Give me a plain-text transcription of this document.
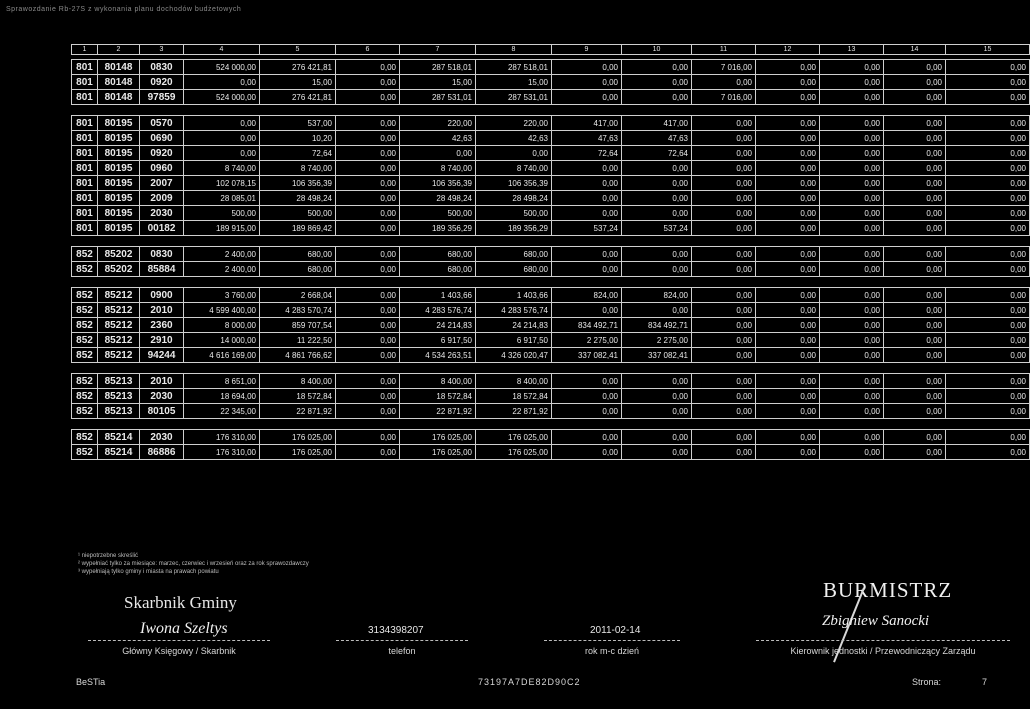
Sprawozdanie Rb-27S z wykonania planu dochodów budżetowych
1	2	3	4	5	6	7	8	9	10	11	12	13	14	15

801	80148	0830	524 000,00	276 421,81	0,00	287 518,01	287 518,01	0,00	0,00	7 016,00	0,00	0,00	0,00	0,00
801	80148	0920	0,00	15,00	0,00	15,00	15,00	0,00	0,00	0,00	0,00	0,00	0,00	0,00
801	80148	97859	524 000,00	276 421,81	0,00	287 531,01	287 531,01	0,00	0,00	7 016,00	0,00	0,00	0,00	0,00

801	80195	0570	0,00	537,00	0,00	220,00	220,00	417,00	417,00	0,00	0,00	0,00	0,00	0,00
801	80195	0690	0,00	10,20	0,00	42,63	42,63	47,63	47,63	0,00	0,00	0,00	0,00	0,00
801	80195	0920	0,00	72,64	0,00	0,00	0,00	72,64	72,64	0,00	0,00	0,00	0,00	0,00
801	80195	0960	8 740,00	8 740,00	0,00	8 740,00	8 740,00	0,00	0,00	0,00	0,00	0,00	0,00	0,00
801	80195	2007	102 078,15	106 356,39	0,00	106 356,39	106 356,39	0,00	0,00	0,00	0,00	0,00	0,00	0,00
801	80195	2009	28 085,01	28 498,24	0,00	28 498,24	28 498,24	0,00	0,00	0,00	0,00	0,00	0,00	0,00
801	80195	2030	500,00	500,00	0,00	500,00	500,00	0,00	0,00	0,00	0,00	0,00	0,00	0,00
801	80195	00182	189 915,00	189 869,42	0,00	189 356,29	189 356,29	537,24	537,24	0,00	0,00	0,00	0,00	0,00

852	85202	0830	2 400,00	680,00	0,00	680,00	680,00	0,00	0,00	0,00	0,00	0,00	0,00	0,00
852	85202	85884	2 400,00	680,00	0,00	680,00	680,00	0,00	0,00	0,00	0,00	0,00	0,00	0,00

852	85212	0900	3 760,00	2 668,04	0,00	1 403,66	1 403,66	824,00	824,00	0,00	0,00	0,00	0,00	0,00
852	85212	2010	4 599 400,00	4 283 570,74	0,00	4 283 576,74	4 283 576,74	0,00	0,00	0,00	0,00	0,00	0,00	0,00
852	85212	2360	8 000,00	859 707,54	0,00	24 214,83	24 214,83	834 492,71	834 492,71	0,00	0,00	0,00	0,00	0,00
852	85212	2910	14 000,00	11 222,50	0,00	6 917,50	6 917,50	2 275,00	2 275,00	0,00	0,00	0,00	0,00	0,00
852	85212	94244	4 616 169,00	4 861 766,62	0,00	4 534 263,51	4 326 020,47	337 082,41	337 082,41	0,00	0,00	0,00	0,00	0,00

852	85213	2010	8 651,00	8 400,00	0,00	8 400,00	8 400,00	0,00	0,00	0,00	0,00	0,00	0,00	0,00
852	85213	2030	18 694,00	18 572,84	0,00	18 572,84	18 572,84	0,00	0,00	0,00	0,00	0,00	0,00	0,00
852	85213	80105	22 345,00	22 871,92	0,00	22 871,92	22 871,92	0,00	0,00	0,00	0,00	0,00	0,00	0,00

852	85214	2030	176 310,00	176 025,00	0,00	176 025,00	176 025,00	0,00	0,00	0,00	0,00	0,00	0,00	0,00
852	85214	86886	176 310,00	176 025,00	0,00	176 025,00	176 025,00	0,00	0,00	0,00	0,00	0,00	0,00	0,00
¹ niepotrzebne skreślić
² wypełniać tylko za miesiące: marzec, czerwiec i wrzesień oraz za rok sprawozdawczy
³ wypełniają tylko gminy i miasta na prawach powiatu
Skarbnik Gminy
BURMISTRZ
Iwona Szeltys	Zbigniew Sanocki
3134398207	2011-02-14
Główny Księgowy / Skarbnik	telefon	rok m-c dzień	Kierownik jednostki / Przewodniczący Zarządu
BeSTia	73197A7DE82D90C2	Strona:	7
